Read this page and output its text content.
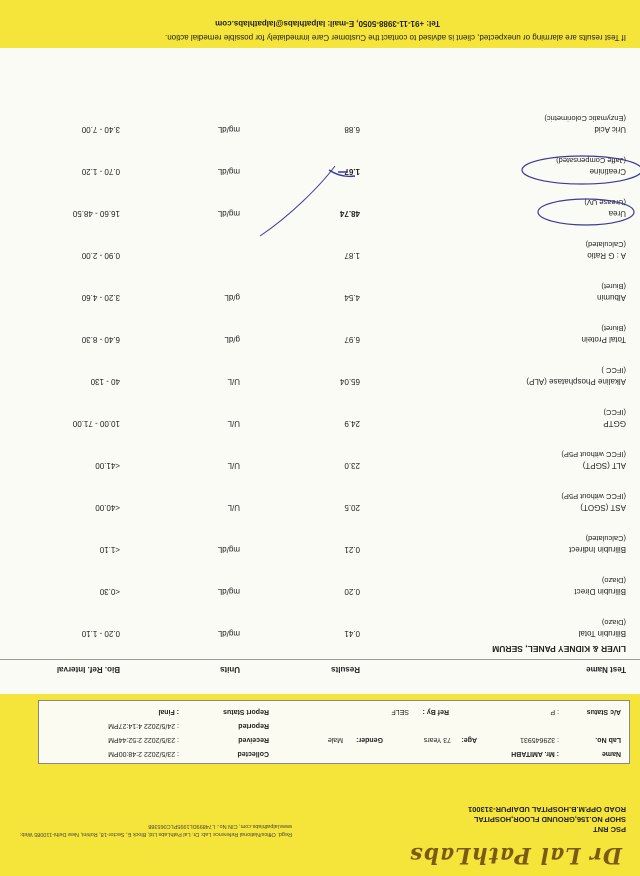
Dr Lal PathLabs
Regd. Office/National Reference Lab: Dr. Lal PathLabs Ltd, Block E, Sector-18, Rohini, New Delhi-110085 Web: www.lalpathlabs.com, CIN No.: L74899DL1995PLC065388	PSC RNT
SHOP NO.156,GROUND FLOOR,HOSPITAL
ROAD OPP.M.B.HOSPITAL UDAIPUR-313001
Name
: Mr. AMITABH
Collected
: 23/5/2022 2:48:00PM
Lab No.
: 329645931
Age:
73 Years
Gender:
Male
Received
: 23/5/2022 2:52:44PM
Reported
: 24/5/2022 4:14:27PM
A/c Status
: P
Ref By :
SELF
Report Status
: Final
Test Name
Results
Units
Bio. Ref. Interval
LIVER & KIDNEY PANEL, SERUM
Bilirubin Total
(Diazo)
0.41
mg/dL
0.20 - 1.10
Bilirubin Direct
(Diazo)
0.20
mg/dL
<0.30
Bilirubin Indirect
(Calculated)
0.21
mg/dL
<1.10
AST (SGOT)
(IFCC without P5P)
20.5
U/L
<40.00
ALT (SGPT)
(IFCC without P5P)
23.0
U/L
<41.00
GGTP
(IFCC)
24.9
U/L
10.00 - 71.00
Alkaline Phosphatase (ALP)
(IFCC )
65.04
U/L
40 - 130
Total Protein
(Biuret)
6.97
g/dL
6.40 - 8.30
Albumin
(Biuret)
4.54
g/dL
3.20 - 4.60
A : G Ratio
(Calculated)
1.87
0.90 - 2.00
Urea
(Urease UV)
48.74
mg/dL
16.60 - 48.50
Creatinine
(Jaffe Compensated)
1.67
mg/dL
0.70 - 1.20
Uric Acid
(Enzymatic Colorimetric)
6.88
mg/dL
3.40 - 7.00
If Test results are alarming or unexpected, client is advised to contact the Customer Care immediately for possible remedial action.
Tel: +91-11-3988-5050, E-mail: lalpathlabs@lalpathlabs.com
